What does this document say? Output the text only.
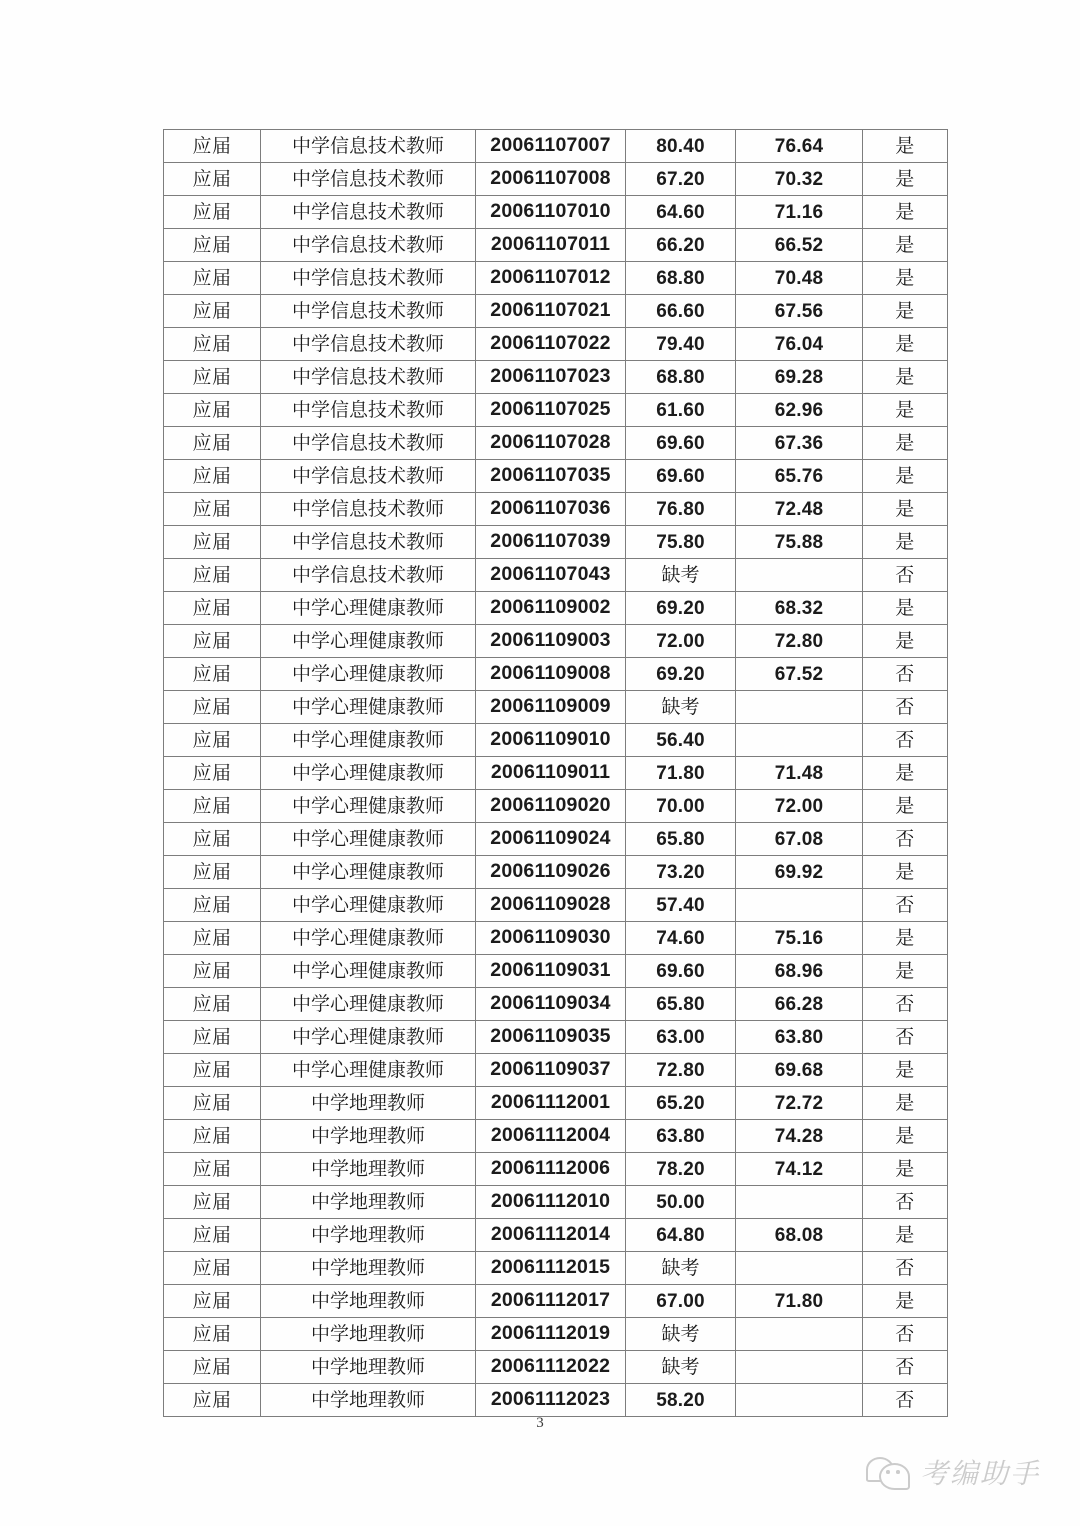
应届	中学信息技术教师	20061107007	80.40	76.64	是
应届	中学信息技术教师	20061107008	67.20	70.32	是
应届	中学信息技术教师	20061107010	64.60	71.16	是
应届	中学信息技术教师	20061107011	66.20	66.52	是
应届	中学信息技术教师	20061107012	68.80	70.48	是
应届	中学信息技术教师	20061107021	66.60	67.56	是
应届	中学信息技术教师	20061107022	79.40	76.04	是
应届	中学信息技术教师	20061107023	68.80	69.28	是
应届	中学信息技术教师	20061107025	61.60	62.96	是
应届	中学信息技术教师	20061107028	69.60	67.36	是
应届	中学信息技术教师	20061107035	69.60	65.76	是
应届	中学信息技术教师	20061107036	76.80	72.48	是
应届	中学信息技术教师	20061107039	75.80	75.88	是
应届	中学信息技术教师	20061107043	缺考		否
应届	中学心理健康教师	20061109002	69.20	68.32	是
应届	中学心理健康教师	20061109003	72.00	72.80	是
应届	中学心理健康教师	20061109008	69.20	67.52	否
应届	中学心理健康教师	20061109009	缺考		否
应届	中学心理健康教师	20061109010	56.40		否
应届	中学心理健康教师	20061109011	71.80	71.48	是
应届	中学心理健康教师	20061109020	70.00	72.00	是
应届	中学心理健康教师	20061109024	65.80	67.08	否
应届	中学心理健康教师	20061109026	73.20	69.92	是
应届	中学心理健康教师	20061109028	57.40		否
应届	中学心理健康教师	20061109030	74.60	75.16	是
应届	中学心理健康教师	20061109031	69.60	68.96	是
应届	中学心理健康教师	20061109034	65.80	66.28	否
应届	中学心理健康教师	20061109035	63.00	63.80	否
应届	中学心理健康教师	20061109037	72.80	69.68	是
应届	中学地理教师	20061112001	65.20	72.72	是
应届	中学地理教师	20061112004	63.80	74.28	是
应届	中学地理教师	20061112006	78.20	74.12	是
应届	中学地理教师	20061112010	50.00		否
应届	中学地理教师	20061112014	64.80	68.08	是
应届	中学地理教师	20061112015	缺考		否
应届	中学地理教师	20061112017	67.00	71.80	是
应届	中学地理教师	20061112019	缺考		否
应届	中学地理教师	20061112022	缺考		否
应届	中学地理教师	20061112023	58.20		否
3
考编助手
